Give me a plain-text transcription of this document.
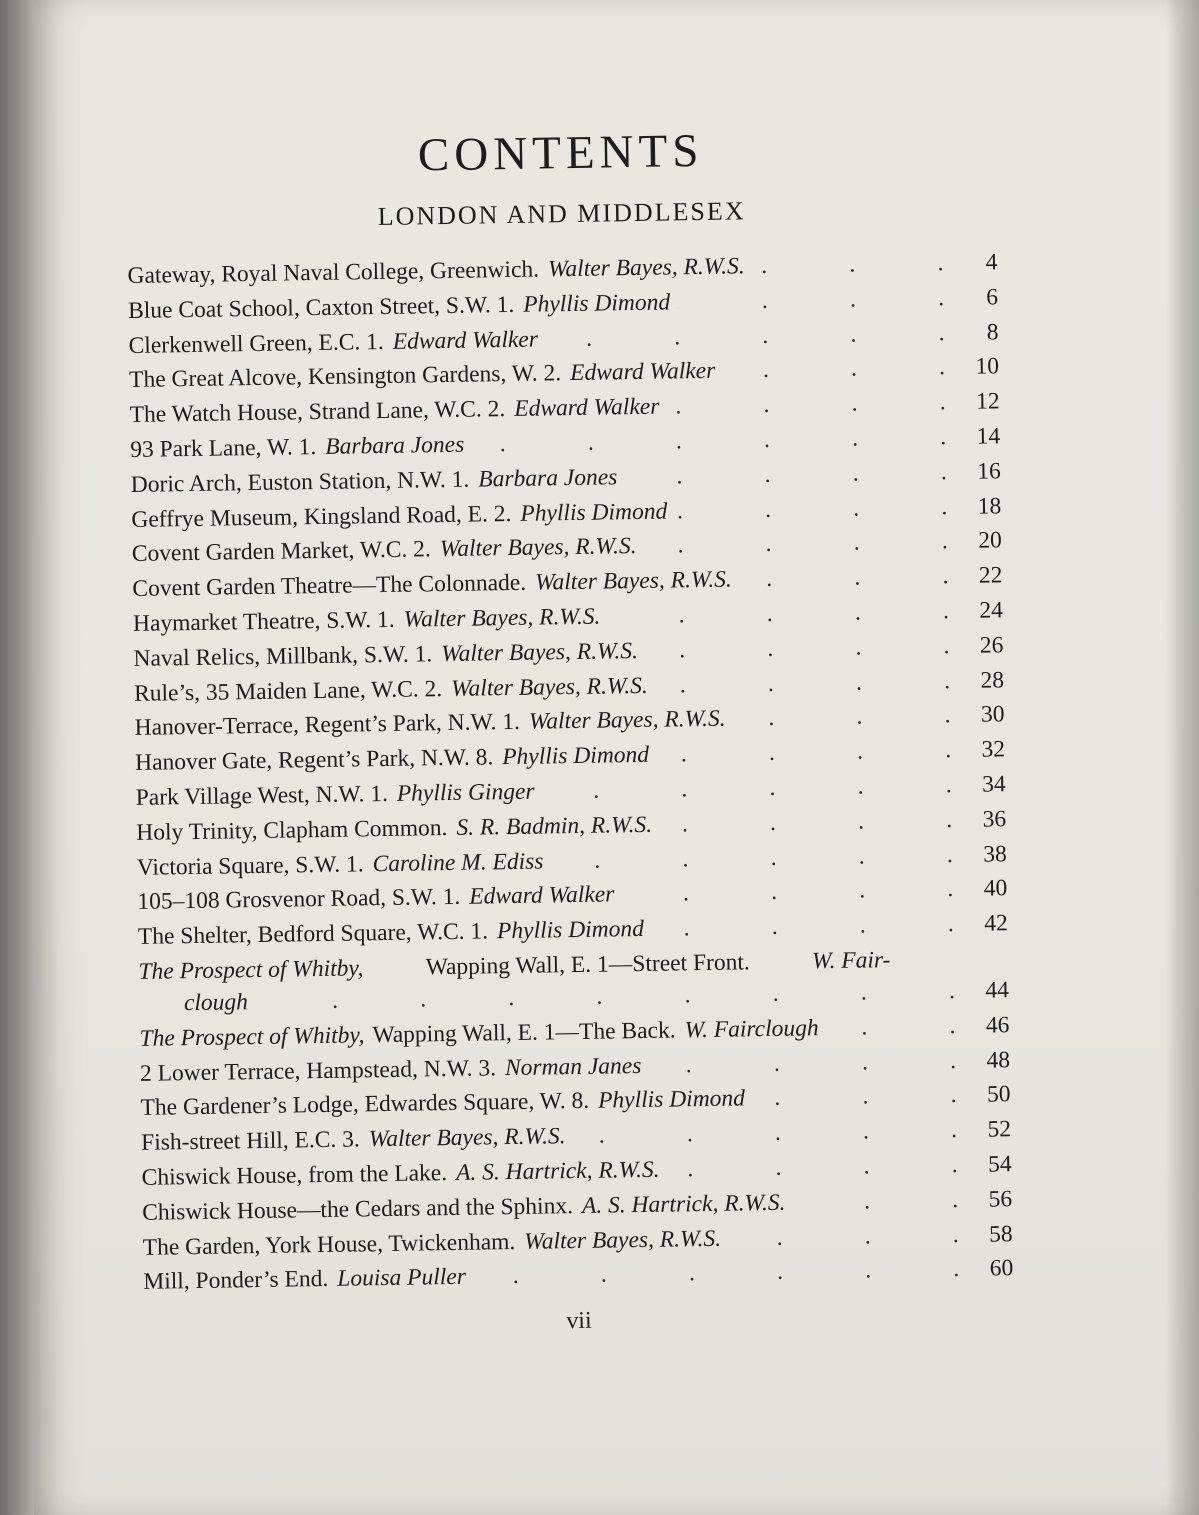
CONTENTS
LONDON AND MIDDLESEX
Gateway, Royal Naval College, Greenwich. Walter Bayes, R.W.S. .	4
Blue Coat School, Caxton Street, S.W. 1. Phyllis Dimond .	6
Clerkenwell Green, E.C. 1. Edward Walker .	8
The Great Alcove, Kensington Gardens, W. 2. Edward Walker .	10
The Watch House, Strand Lane, W.C. 2. Edward Walker .	12
93 Park Lane, W. 1. Barbara Jones .	14
Doric Arch, Euston Station, N.W. 1. Barbara Jones .	16
Geffrye Museum, Kingsland Road, E. 2. Phyllis Dimond .	18
Covent Garden Market, W.C. 2. Walter Bayes, R.W.S. .	20
Covent Garden Theatre—The Colonnade. Walter Bayes, R.W.S. .	22
Haymarket Theatre, S.W. 1. Walter Bayes, R.W.S. .	24
Naval Relics, Millbank, S.W. 1. Walter Bayes, R.W.S. .	26
Rule’s, 35 Maiden Lane, W.C. 2. Walter Bayes, R.W.S. .	28
Hanover-Terrace, Regent’s Park, N.W. 1. Walter Bayes, R.W.S. .	30
Hanover Gate, Regent’s Park, N.W. 8. Phyllis Dimond .	32
Park Village West, N.W. 1. Phyllis Ginger .	34
Holy Trinity, Clapham Common. S. R. Badmin, R.W.S. .	36
Victoria Square, S.W. 1. Caroline M. Ediss .	38
105–108 Grosvenor Road, S.W. 1. Edward Walker .	40
The Shelter, Bedford Square, W.C. 1. Phyllis Dimond .	42
The Prospect of Whitby,	Wapping Wall, E. 1—Street Front.	W. Fair-
clough .	44
The Prospect of Whitby, Wapping Wall, E. 1—The Back. W. Fairclough .	46
2 Lower Terrace, Hampstead, N.W. 3. Norman Janes .	48
The Gardener’s Lodge, Edwardes Square, W. 8. Phyllis Dimond .	50
Fish-street Hill, E.C. 3. Walter Bayes, R.W.S. .	52
Chiswick House, from the Lake. A. S. Hartrick, R.W.S. .	54
Chiswick House—the Cedars and the Sphinx. A. S. Hartrick, R.W.S. .	56
The Garden, York House, Twickenham. Walter Bayes, R.W.S. .	58
Mill, Ponder’s End. Louisa Puller .	60
vii
